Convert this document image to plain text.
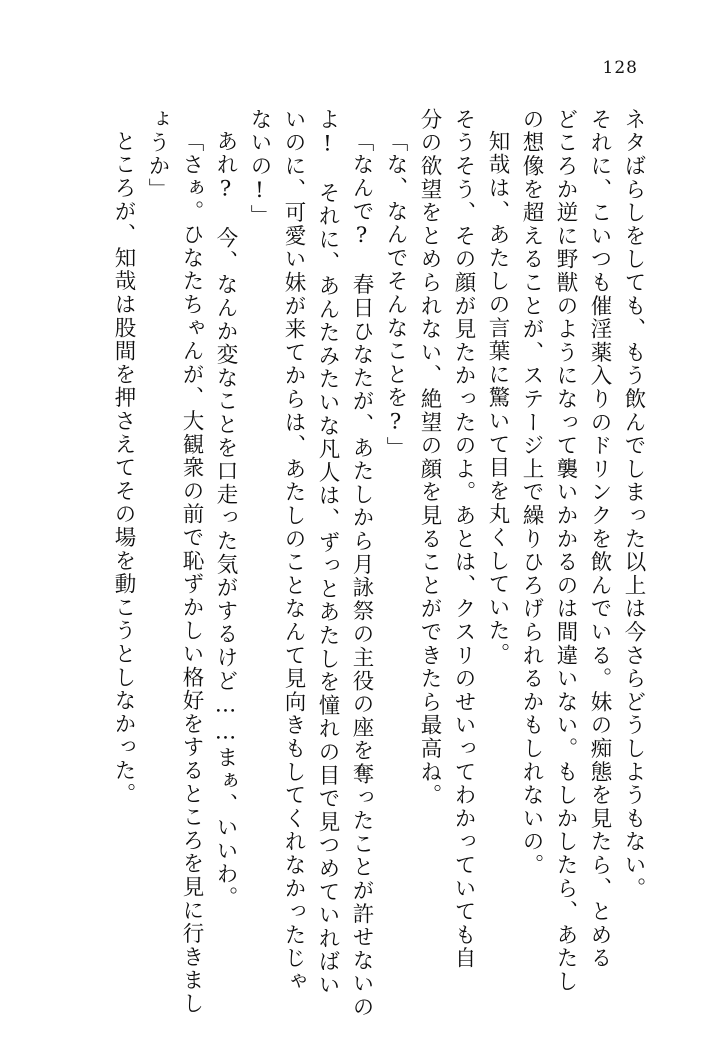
128
ネタばらしをしても、もう飲んでしまった以上は今さらどうしようもない。
それに、こいつも催淫薬入りのドリンクを飲んでいる。妹の痴態を見たら、とめる
どころか逆に野獣のようになって襲いかかるのは間違いない。もしかしたら、あたし
の想像を超えることが、ステージ上で繰りひろげられるかもしれないの。
知哉は、あたしの言葉に驚いて目を丸くしていた。
そうそう、その顔が見たかったのよ。あとは、クスリのせいってわかっていても自
分の欲望をとめられない、絶望の顔を見ることができたら最高ね。
「な、なんでそんなことを?」
「なんで?　春日ひなたが、あたしから月詠祭の主役の座を奪ったことが許せないの
よ!　それに、あんたみたいな凡人は、ずっとあたしを憧れの目で見つめていればい
いのに、可愛い妹が来てからは、あたしのことなんて見向きもしてくれなかったじゃ
ないの!」
あれ?　今、なんか変なことを口走った気がするけど……まぁ、いいわ。
「さぁ。ひなたちゃんが、大観衆の前で恥ずかしい格好をするところを見に行きまし
ょうか」
ところが、知哉は股間を押さえてその場を動こうとしなかった。
